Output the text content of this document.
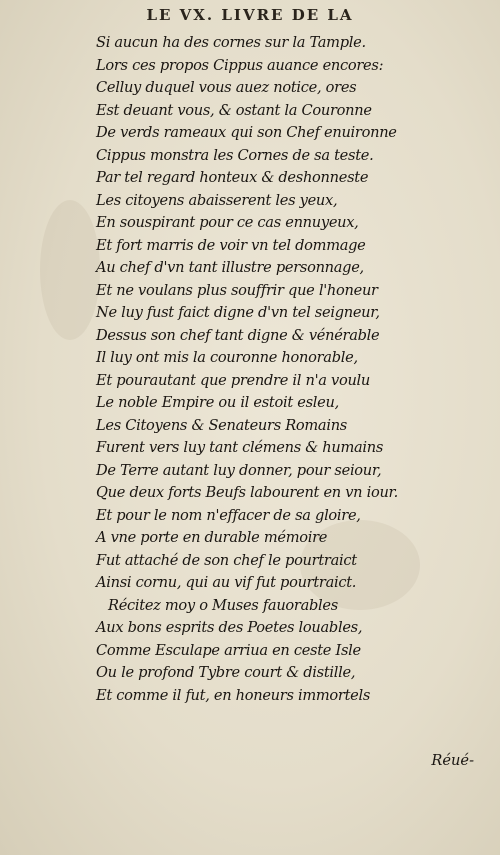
LE VX. LIVRE DE LA
Si aucun ha des cornes sur la Tample.
Lors ces propos Cippus auance encores:
Celluy duquel vous auez notice, ores
Est deuant vous, & ostant la Couronne
De verds rameaux qui son Chef enuironne
Cippus monstra les Cornes de sa teste.
Par tel regard honteux & deshonneste
Les citoyens abaisserent les yeux,
En souspirant pour ce cas ennuyeux,
Et fort marris de voir vn tel dommage
Au chef d'vn tant illustre personnage,
Et ne voulans plus souffrir que l'honeur
Ne luy fust faict digne d'vn tel seigneur,
Dessus son chef tant digne & vénérable
Il luy ont mis la couronne honorable,
Et pourautant que prendre il n'a voulu
Le noble Empire ou il estoit esleu,
Les Citoyens & Senateurs Romains
Furent vers luy tant clémens & humains
De Terre autant luy donner, pour seiour,
Que deux forts Beufs labourent en vn iour.
Et pour le nom n'effacer de sa gloire,
A vne porte en durable mémoire
Fut attaché de son chef le pourtraict
Ainsi cornu, qui au vif fut pourtraict.
Récitez moy o Muses fauorables
Aux bons esprits des Poetes louables,
Comme Esculape arriua en ceste Isle
Ou le profond Tybre court & distille,
Et comme il fut, en honeurs immortels
Réué-
